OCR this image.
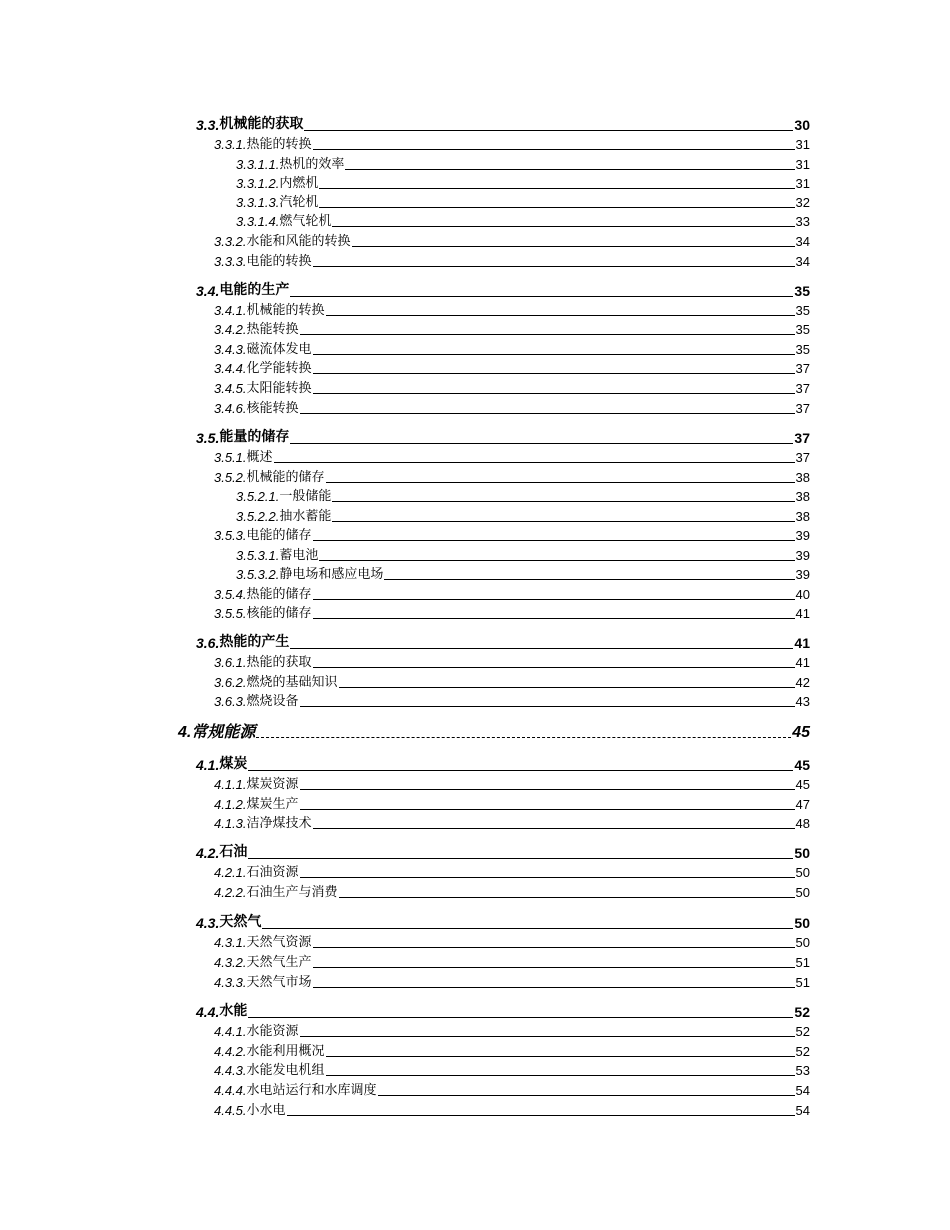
3.3. 机械能的获取	30
3.3.1. 热能的转换	31
3.3.1.1. 热机的效率	31
3.3.1.2. 内燃机	31
3.3.1.3. 汽轮机	32
3.3.1.4. 燃气轮机	33
3.3.2. 水能和风能的转换	34
3.3.3. 电能的转换	34
3.4. 电能的生产	35
3.4.1. 机械能的转换	35
3.4.2. 热能转换	35
3.4.3. 磁流体发电	35
3.4.4. 化学能转换	37
3.4.5. 太阳能转换	37
3.4.6. 核能转换	37
3.5. 能量的储存	37
3.5.1. 概述	37
3.5.2. 机械能的储存	38
3.5.2.1. 一般储能	38
3.5.2.2. 抽水蓄能	38
3.5.3. 电能的储存	39
3.5.3.1. 蓄电池	39
3.5.3.2. 静电场和感应电场	39
3.5.4. 热能的储存	40
3.5.5. 核能的储存	41
3.6. 热能的产生	41
3.6.1. 热能的获取	41
3.6.2. 燃烧的基础知识	42
3.6.3. 燃烧设备	43
4. 常规能源	45
4.1. 煤炭	45
4.1.1. 煤炭资源	45
4.1.2. 煤炭生产	47
4.1.3. 洁净煤技术	48
4.2. 石油	50
4.2.1. 石油资源	50
4.2.2. 石油生产与消费	50
4.3. 天然气	50
4.3.1. 天然气资源	50
4.3.2. 天然气生产	51
4.3.3. 天然气市场	51
4.4. 水能	52
4.4.1. 水能资源	52
4.4.2. 水能利用概况	52
4.4.3. 水能发电机组	53
4.4.4. 水电站运行和水库调度	54
4.4.5. 小水电	54
